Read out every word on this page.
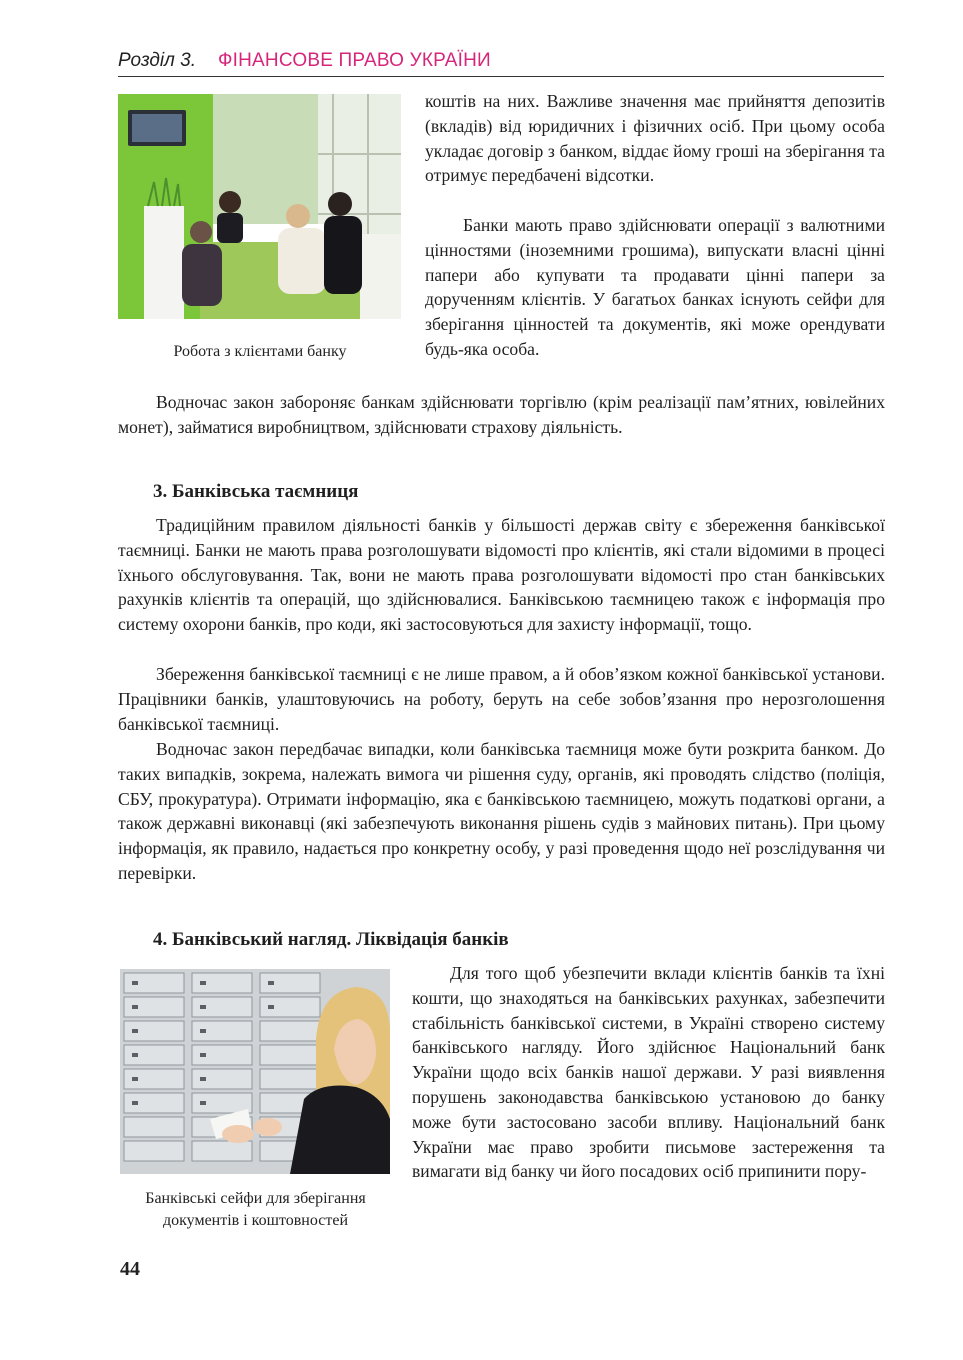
Розділ 3. ФІНАНСОВЕ ПРАВО УКРАЇНИ
Робота з клієнтами банку

коштів на них. Важливе значення має прийняття депозитів (вкладів) від юридичних і фізичних осіб. При цьому особа укладає договір з банком, віддає йому гроші на зберігання та отримує передбачені відсотки.

Банки мають право здійснювати операції з валютними цінностями (іноземними грошима), випускати власні цінні папери або купувати та продавати цінні папери за дорученням клієнтів. У багатьох банках існують сейфи для зберігання цінностей та документів, які може орендувати будь-яка особа.

Водночас закон забороняє банкам здійснювати торгівлю (крім реалізації пам’ятних, ювілейних монет), займатися виробництвом, здійснювати страхову діяльність.

3. Банківська таємниця

Традиційним правилом діяльності банків у більшості держав світу є збереження банківської таємниці. Банки не мають права розголошувати відомості про клієнтів, які стали відомими в процесі їхнього обслуговування. Так, вони не мають права розголошувати відомості про стан банківських рахунків клієнтів та операцій, що здійснювалися. Банківською таємницею також є інформація про систему охорони банків, про коди, які застосовуються для захисту інформації, тощо.

Збереження банківської таємниці є не лише правом, а й обов’язком кожної банківської установи. Працівники банків, улаштовуючись на роботу, беруть на себе зобов’язання про нерозголошення банківської таємниці.

Водночас закон передбачає випадки, коли банківська таємниця може бути розкрита банком. До таких випадків, зокрема, належать вимога чи рішення суду, органів, які проводять слідство (поліція, СБУ, прокуратура). Отримати інформацію, яка є банківською таємницею, можуть податкові органи, а також державні виконавці (які забезпечують виконання рішень судів з майнових питань). При цьому інформація, як правило, надається про конкретну особу, у разі проведення щодо неї розслідування чи перевірки.

4. Банківський нагляд. Ліквідація банків
Банківські сейфи для зберігання документів і коштовностей

Для того щоб убезпечити вклади клієнтів банків та їхні кошти, що знаходяться на банківських рахунках, забезпечити стабільність банківської системи, в Україні створено систему банківського нагляду. Його здійснює Національний банк України щодо всіх банків нашої держави. У разі виявлення порушень законодавства банківською установою до банку може бути застосовано засоби впливу. Національний банк України має право зробити письмове застереження та вимагати від банку чи його посадових осіб припинити пору-

44
